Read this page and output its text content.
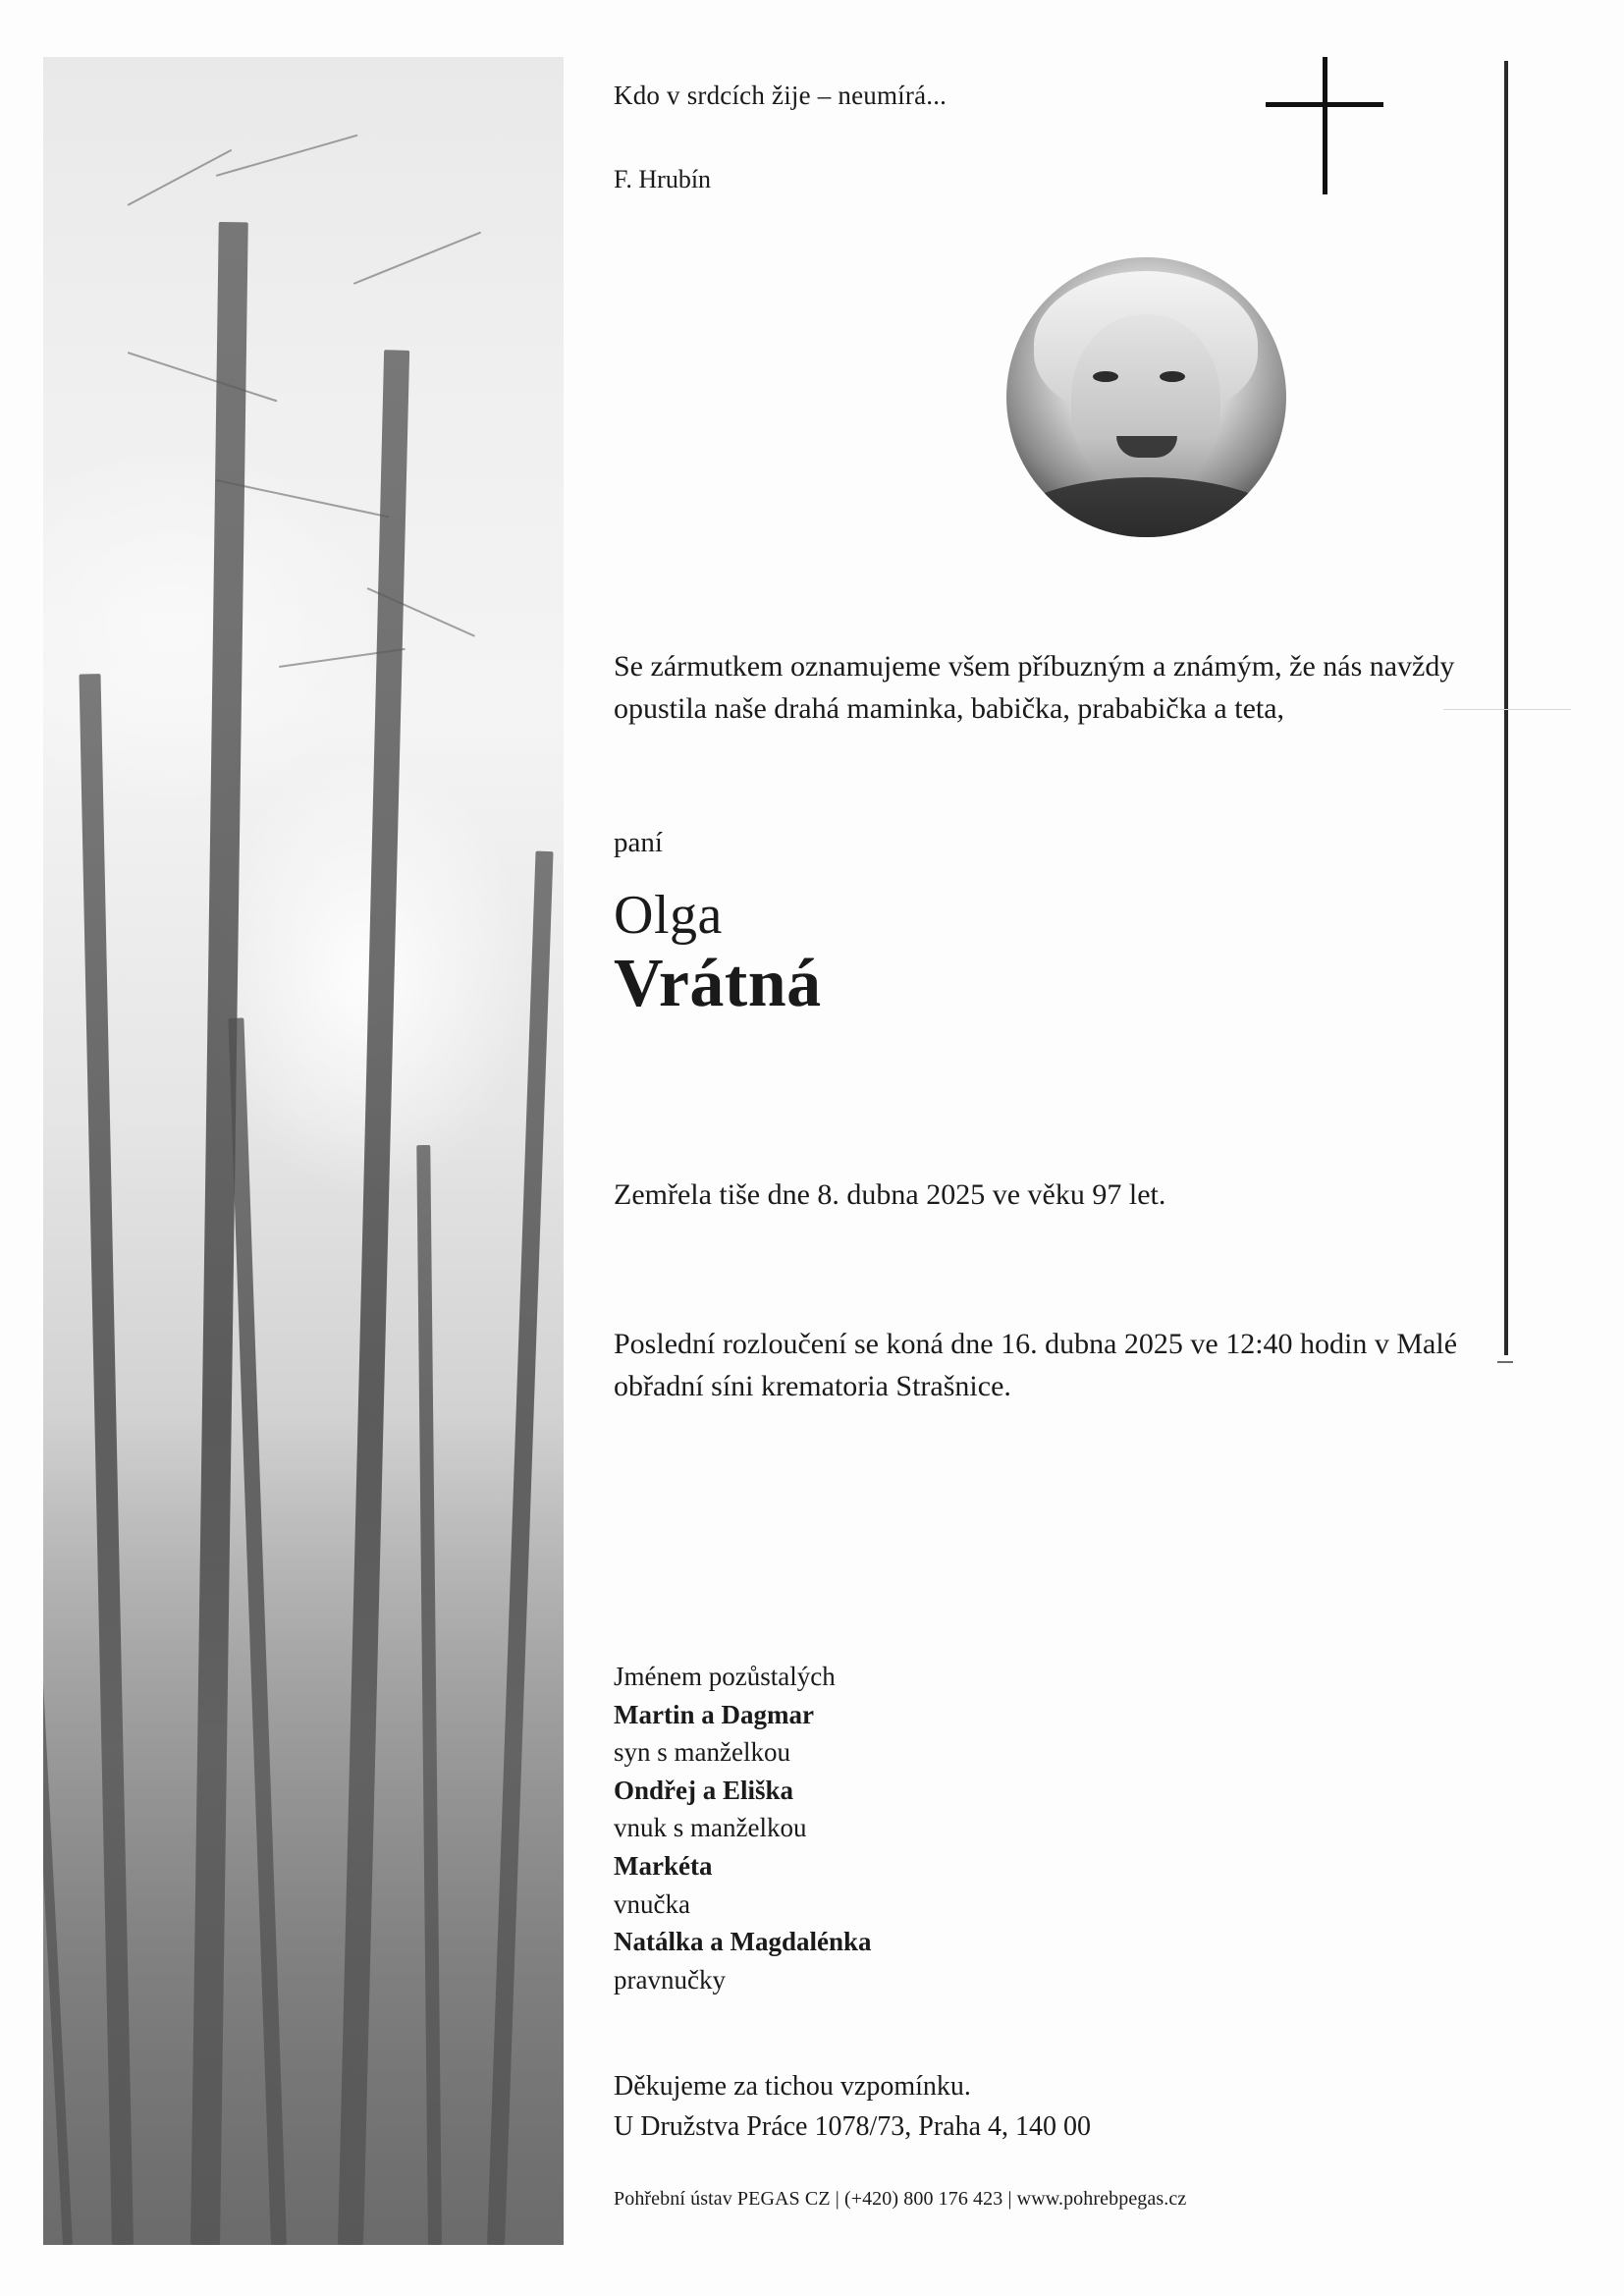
Kdo v srdcích žije – neumírá...
F. Hrubín
Se zármutkem oznamujeme všem příbuzným a známým, že nás navždy opustila naše drahá maminka, babička, prababička a teta,
paní
Olga
Vrátná
Zemřela tiše dne 8. dubna 2025 ve věku 97 let.
Poslední rozloučení se koná dne 16. dubna 2025 ve 12:40 hodin v Malé obřadní síni krematoria Strašnice.
Jménem pozůstalých
Martin a Dagmar
syn s manželkou
Ondřej a Eliška
vnuk s manželkou
Markéta
vnučka
Natálka a Magdalénka
pravnučky
Děkujeme za tichou vzpomínku.
U Družstva Práce 1078/73, Praha 4, 140 00
Pohřební ústav PEGAS CZ | (+420) 800 176 423 | www.pohrebpegas.cz
